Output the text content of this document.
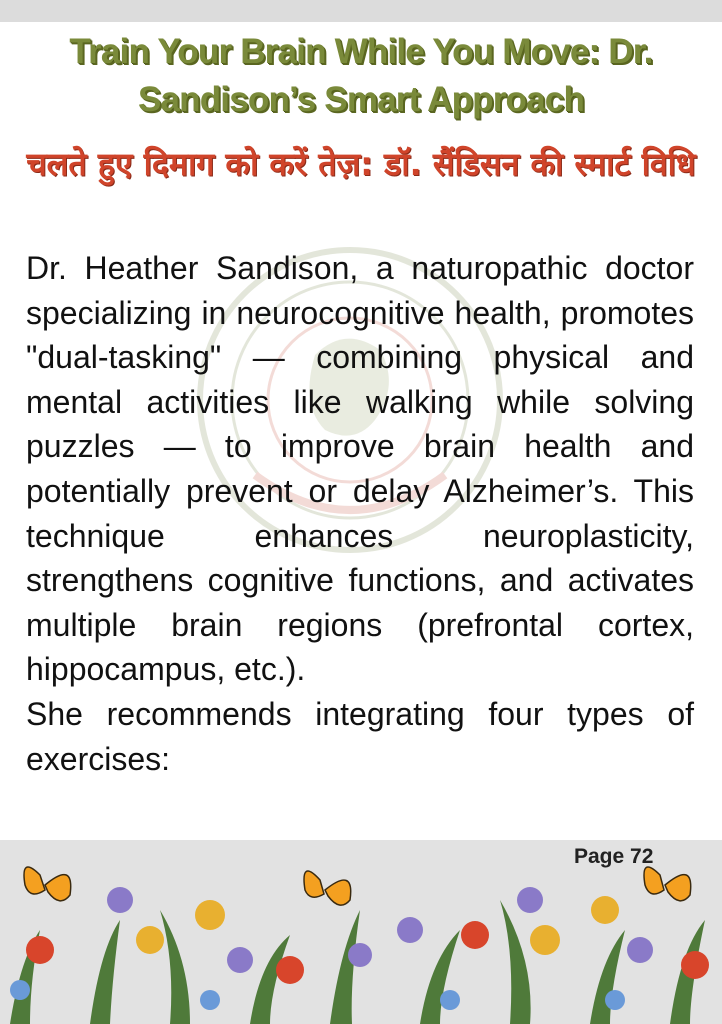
Train Your Brain While You Move: Dr. Sandison’s Smart Approach
चलते हुए दिमाग को करें तेज़: डॉ. सैंडिसन की स्मार्ट विधि

Dr. Heather Sandison, a naturopathic doctor specializing in neurocognitive health, promotes "dual-tasking" — combining physical and mental activities like walking while solving puzzles — to improve brain health and potentially prevent or delay Alzheimer’s. This technique enhances neuroplasticity, strengthens cognitive functions, and activates multiple brain regions (prefrontal cortex, hippocampus, etc.).

She recommends integrating four types of exercises:

Page 72
